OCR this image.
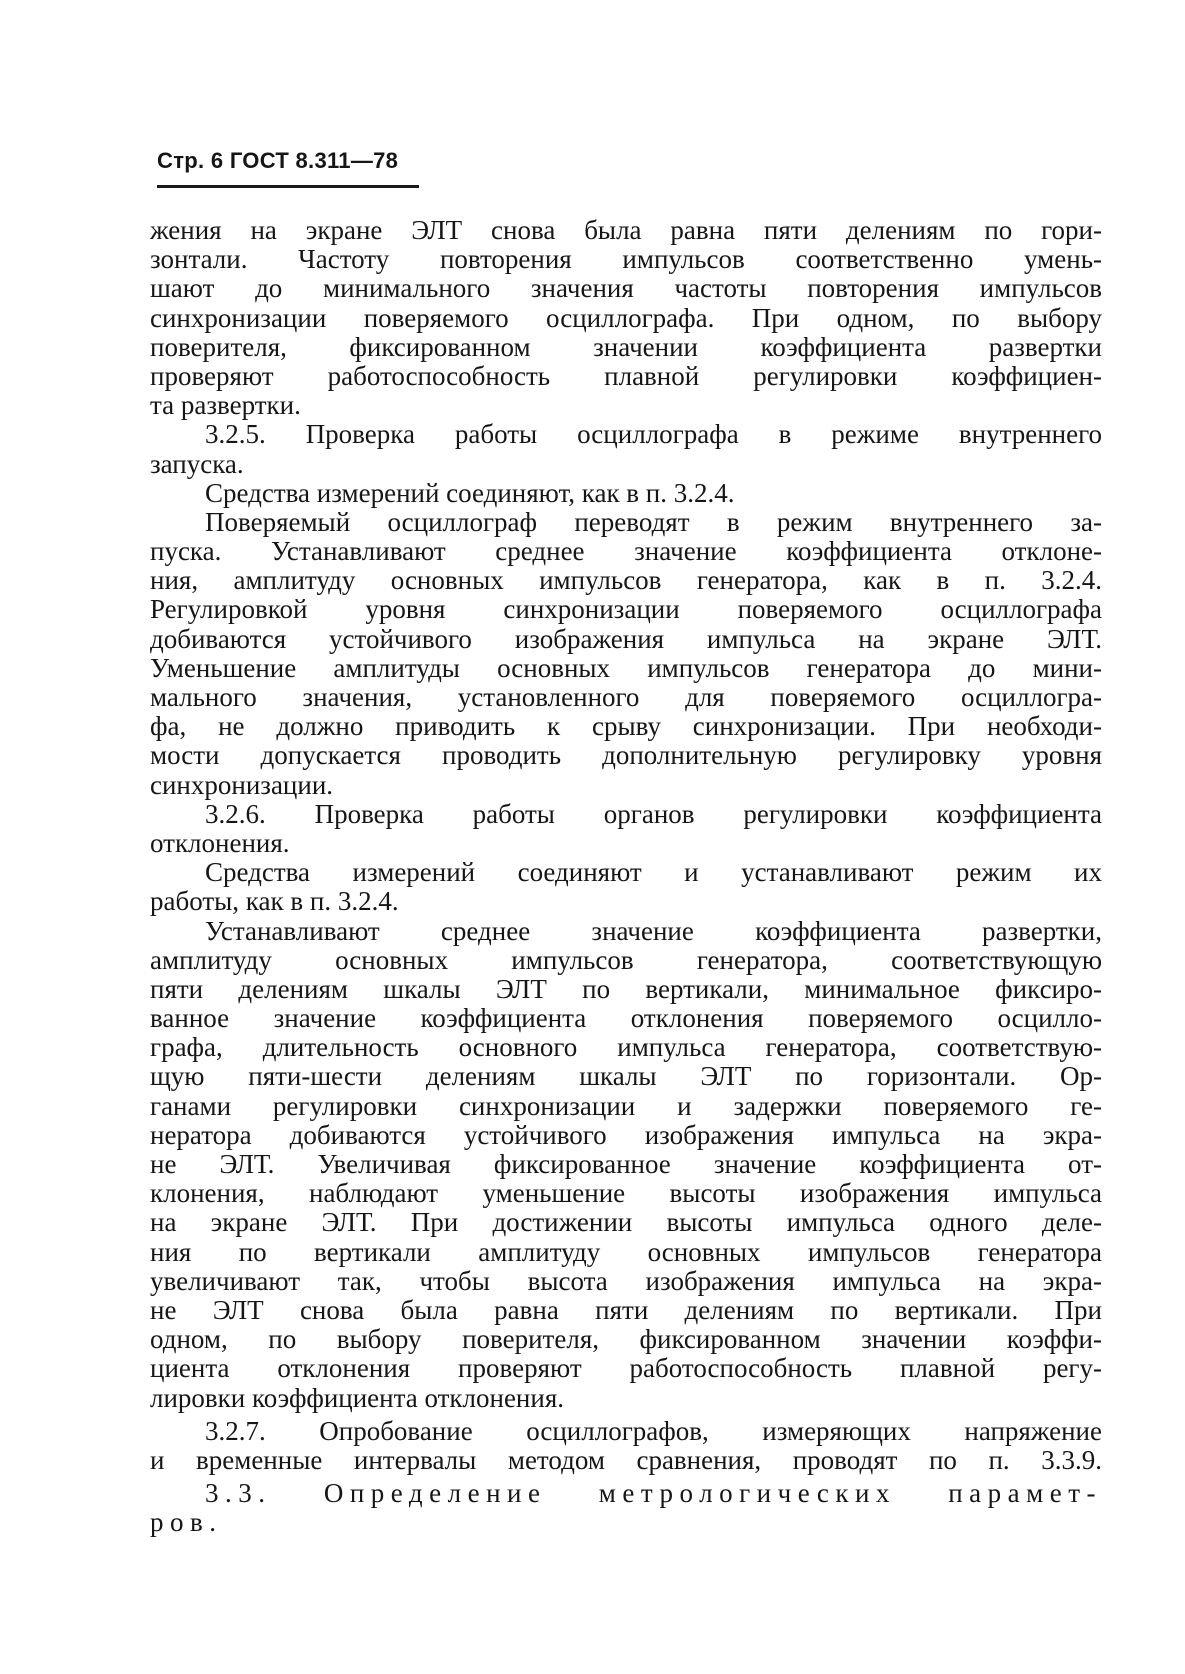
Стр. 6 ГОСТ 8.311—78
жения на экране ЭЛТ снова была равна пяти делениям по гори-
зонтали. Частоту повторения импульсов соответственно умень-
шают до минимального значения частоты повторения импульсов
синхронизации поверяемого осциллографа. При одном, по выбору
поверителя, фиксированном значении коэффициента развертки
проверяют работоспособность плавной регулировки коэффициен-
та развертки.
3.2.5. Проверка работы осциллографа в режиме внутреннего
запуска.
Средства измерений соединяют, как в п. 3.2.4.
Поверяемый осциллограф переводят в режим внутреннего за-
пуска. Устанавливают среднее значение коэффициента отклоне-
ния, амплитуду основных импульсов генератора, как в п. 3.2.4.
Регулировкой уровня синхронизации поверяемого осциллографа
добиваются устойчивого изображения импульса на экране ЭЛТ.
Уменьшение амплитуды основных импульсов генератора до мини-
мального значения, установленного для поверяемого осциллогра-
фа, не должно приводить к срыву синхронизации. При необходи-
мости допускается проводить дополнительную регулировку уровня
синхронизации.
3.2.6. Проверка работы органов регулировки коэффициента
отклонения.
Средства измерений соединяют и устанавливают режим их
работы, как в п. 3.2.4.
Устанавливают среднее значение коэффициента развертки,
амплитуду основных импульсов генератора, соответствующую
пяти делениям шкалы ЭЛТ по вертикали, минимальное фиксиро-
ванное значение коэффициента отклонения поверяемого осцилло-
графа, длительность основного импульса генератора, соответствую-
щую пяти-шести делениям шкалы ЭЛТ по горизонтали. Ор-
ганами регулировки синхронизации и задержки поверяемого ге-
нератора добиваются устойчивого изображения импульса на экра-
не ЭЛТ. Увеличивая фиксированное значение коэффициента от-
клонения, наблюдают уменьшение высоты изображения импульса
на экране ЭЛТ. При достижении высоты импульса одного деле-
ния по вертикали амплитуду основных импульсов генератора
увеличивают так, чтобы высота изображения импульса на экра-
не ЭЛТ снова была равна пяти делениям по вертикали. При
одном, по выбору поверителя, фиксированном значении коэффи-
циента отклонения проверяют работоспособность плавной регу-
лировки коэффициента отклонения.
3.2.7. Опробование осциллографов, измеряющих напряжение
и временные интервалы методом сравнения, проводят по п. 3.3.9.
3.3. Определение метрологических парамет-
ров.
